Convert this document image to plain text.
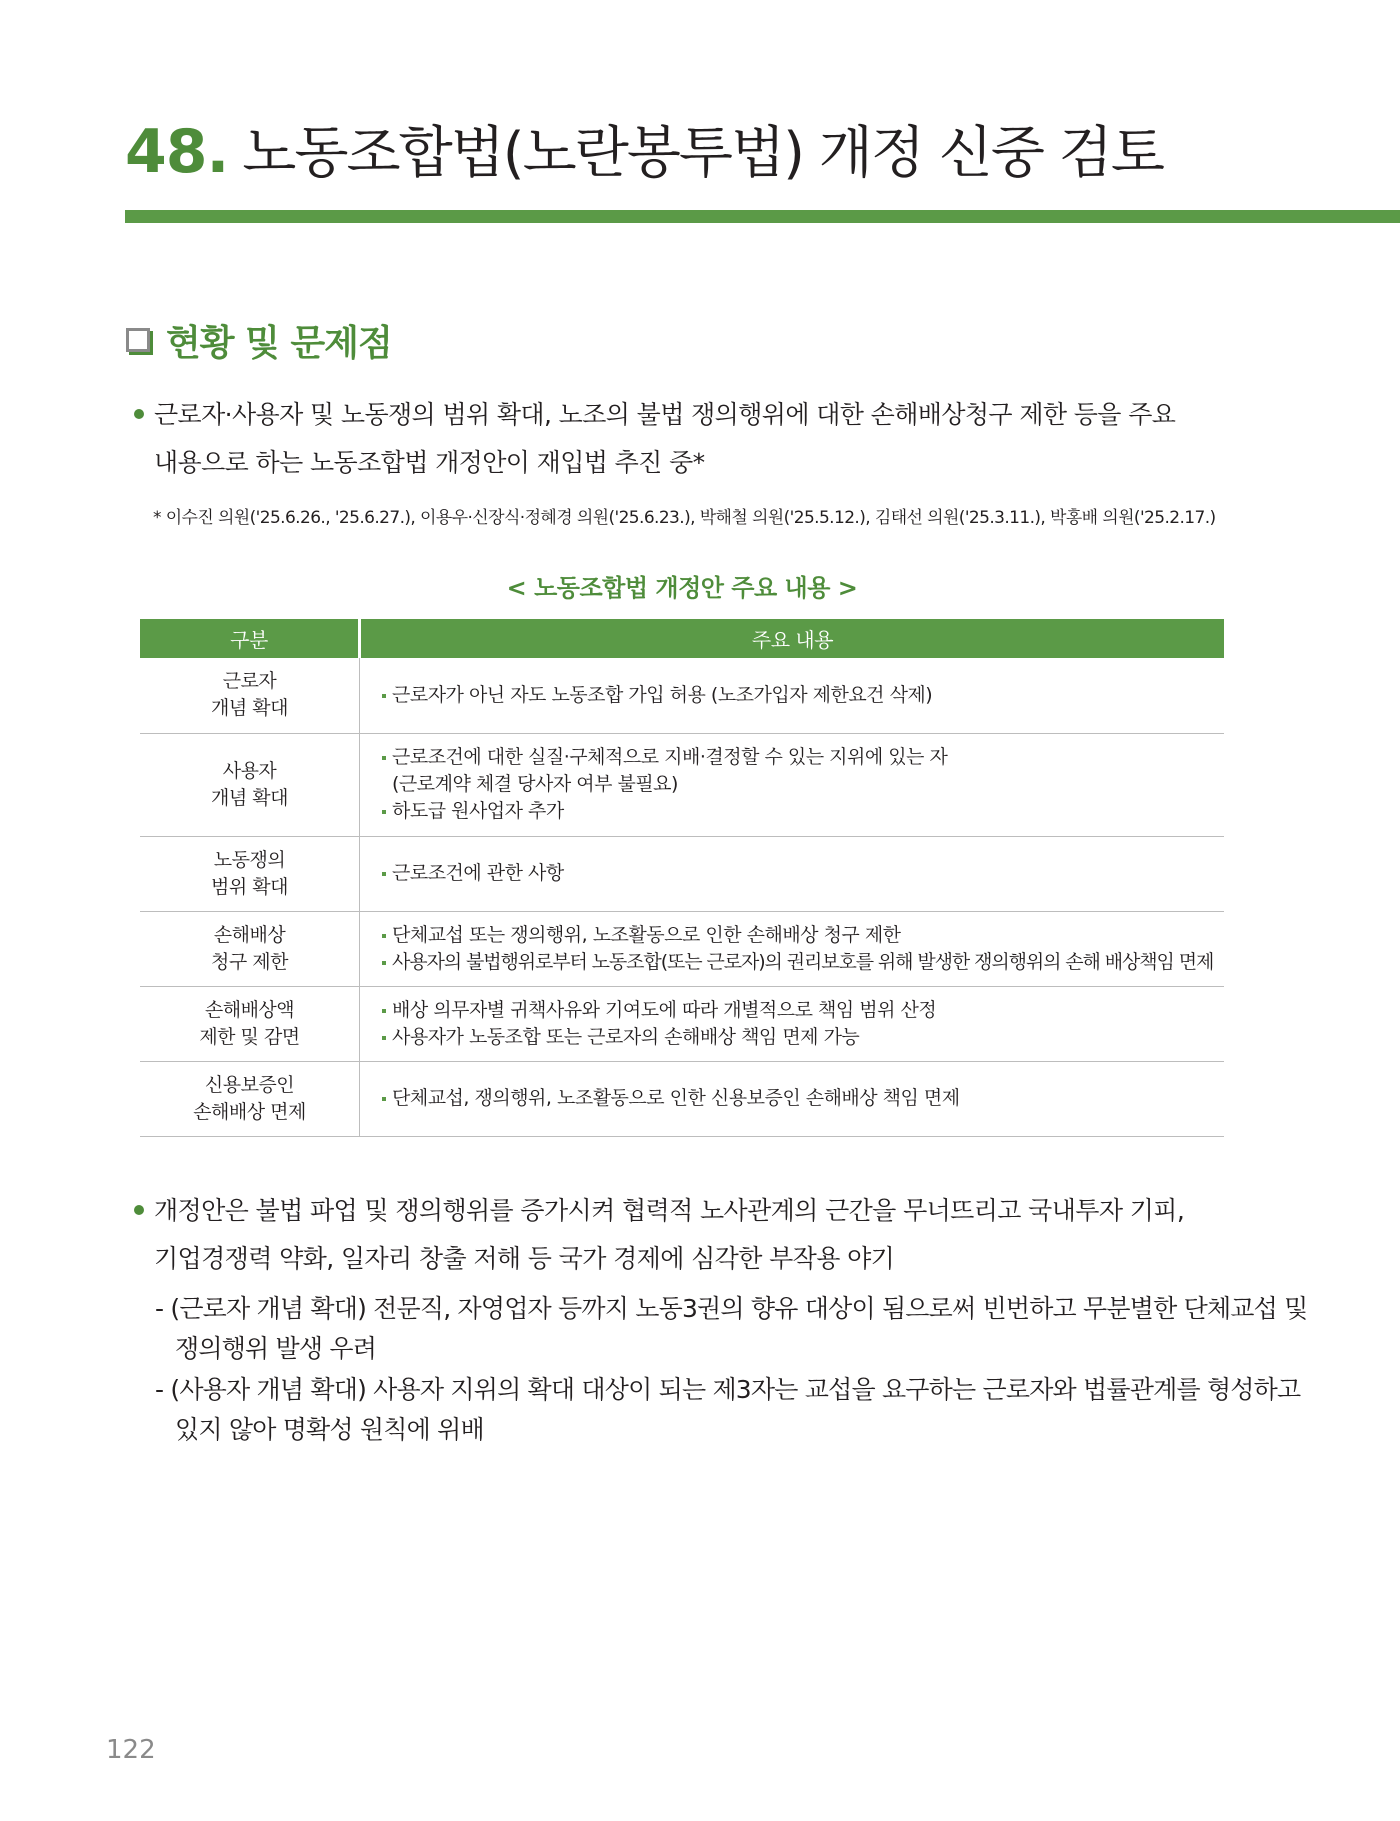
48. 노동조합법(노란봉투법) 개정 신중 검토
현황 및 문제점
근로자·사용자 및 노동쟁의 범위 확대, 노조의 불법 쟁의행위에 대한 손해배상청구 제한 등을 주요
내용으로 하는 노동조합법 개정안이 재입법 추진 중*
* 이수진 의원('25.6.26., '25.6.27.), 이용우·신장식·정혜경 의원('25.6.23.), 박해철 의원('25.5.12.), 김태선 의원('25.3.11.), 박홍배 의원('25.2.17.)
< 노동조합법 개정안 주요 내용 >
구분	주요 내용

근로자
개념 확대	근로자가 아닌 자도 노동조합 가입 허용 (노조가입자 제한요건 삭제)

사용자
개념 확대	근로조건에 대한 실질·구체적으로 지배·결정할 수 있는 지위에 있는 자
(근로계약 체결 당사자 여부 불필요)
하도급 원사업자 추가

노동쟁의
범위 확대	근로조건에 관한 사항

손해배상
청구 제한	단체교섭 또는 쟁의행위, 노조활동으로 인한 손해배상 청구 제한
사용자의 불법행위로부터 노동조합(또는 근로자)의 권리보호를 위해 발생한 쟁의행위의 손해 배상책임 면제

손해배상액
제한 및 감면	배상 의무자별 귀책사유와 기여도에 따라 개별적으로 책임 범위 산정
사용자가 노동조합 또는 근로자의 손해배상 책임 면제 가능

신용보증인
손해배상 면제	단체교섭, 쟁의행위, 노조활동으로 인한 신용보증인 손해배상 책임 면제
개정안은 불법 파업 및 쟁의행위를 증가시켜 협력적 노사관계의 근간을 무너뜨리고 국내투자 기피,
기업경쟁력 약화, 일자리 창출 저해 등 국가 경제에 심각한 부작용 야기
- (근로자 개념 확대) 전문직, 자영업자 등까지 노동3권의 향유 대상이 됨으로써 빈번하고 무분별한 단체교섭 및
쟁의행위 발생 우려
- (사용자 개념 확대) 사용자 지위의 확대 대상이 되는 제3자는 교섭을 요구하는 근로자와 법률관계를 형성하고
있지 않아 명확성 원칙에 위배
122
